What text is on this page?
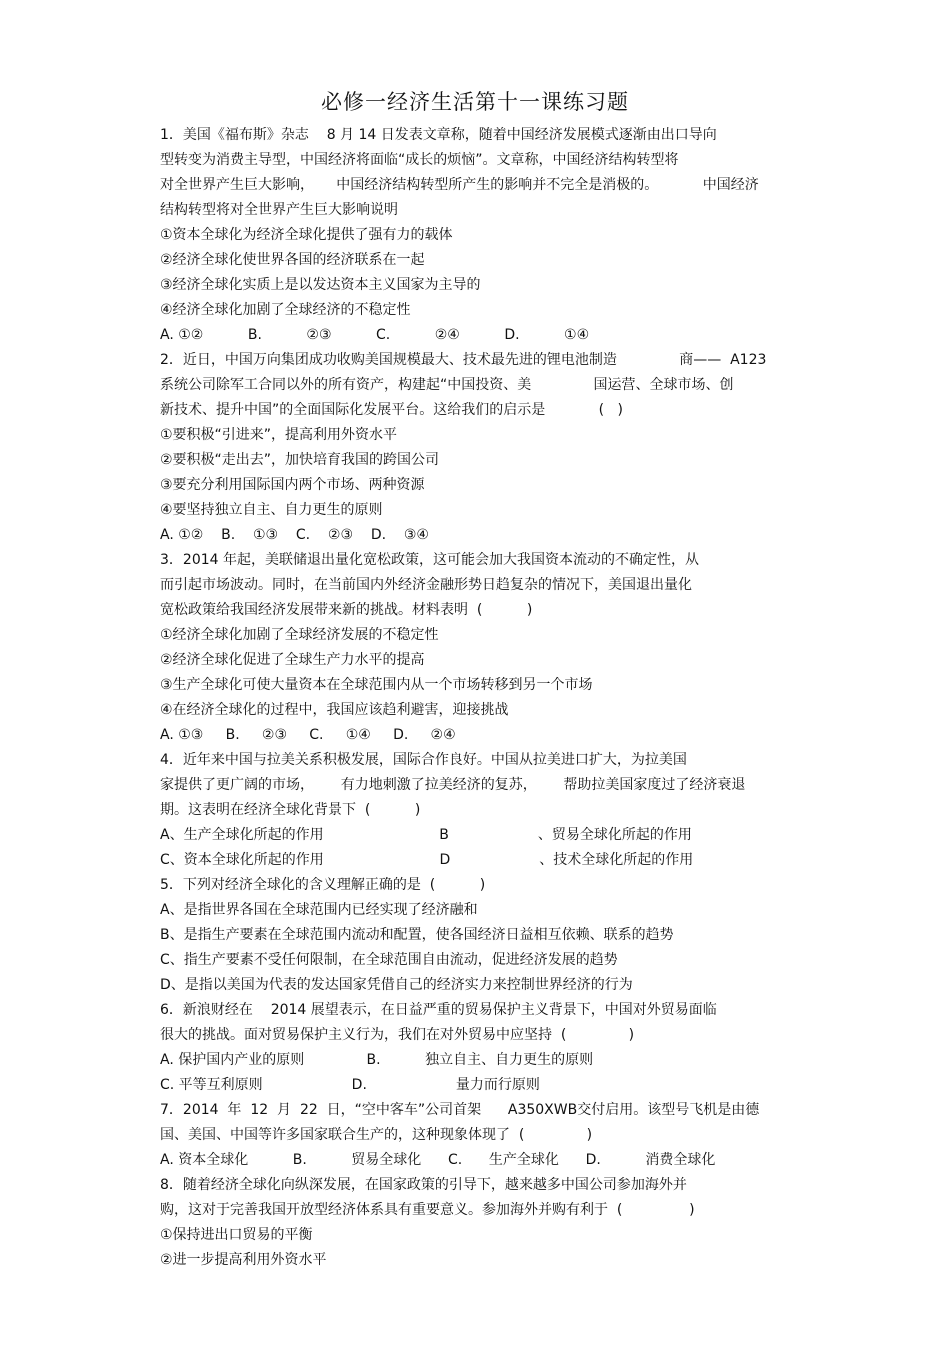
必修一经济生活第十一课练习题
1．美国《福布斯》杂志    8 月 14 日发表文章称，随着中国经济发展模式逐渐由出口导向
型转变为消费主导型，中国经济将面临“成长的烦恼”。文章称，中国经济结构转型将
对全世界产生巨大影响，     中国经济结构转型所产生的影响并不完全是消极的。          中国经济
结构转型将对全世界产生巨大影响说明
①资本全球化为经济全球化提供了强有力的载体
②经济全球化使世界各国的经济联系在一起
③经济全球化实质上是以发达资本主义国家为主导的
④经济全球化加剧了全球经济的不稳定性
A. ①②          B.          ②③          C.          ②④          D.          ①④
2．近日，中国万向集团成功收购美国规模最大、技术最先进的锂电池制造              商——  A123
系统公司除军工合同以外的所有资产，构建起“中国投资、美              国运营、全球市场、创
新技术、提升中国”的全面国际化发展平台。这给我们的启示是            (   )
①要积极“引进来”，提高利用外资水平
②要积极“走出去”，加快培育我国的跨国公司
③要充分利用国际国内两个市场、两种资源
④要坚持独立自主、自力更生的原则
A. ①②    B.    ①③    C.    ②③    D.    ③④
3．2014 年起，美联储退出量化宽松政策，这可能会加大我国资本流动的不确定性，从
而引起市场波动。同时，在当前国内外经济金融形势日趋复杂的情况下，美国退出量化
宽松政策给我国经济发展带来新的挑战。材料表明  (          )
①经济全球化加剧了全球经济发展的不稳定性
②经济全球化促进了全球生产力水平的提高
③生产全球化可使大量资本在全球范围内从一个市场转移到另一个市场
④在经济全球化的过程中，我国应该趋利避害，迎接挑战
A. ①③     B.     ②③     C.     ①④     D.     ②④
4．近年来中国与拉美关系积极发展，国际合作良好。中国从拉美进口扩大，为拉美国
家提供了更广阔的市场，      有力地刺激了拉美经济的复苏，      帮助拉美国家度过了经济衰退
期。这表明在经济全球化背景下  (          )
A、生产全球化所起的作用                          B                    、贸易全球化所起的作用
C、资本全球化所起的作用                          D                    、技术全球化所起的作用
5．下列对经济全球化的含义理解正确的是  (          )
A、是指世界各国在全球范围内已经实现了经济融和
B、是指生产要素在全球范围内流动和配置，使各国经济日益相互依赖、联系的趋势
C、指生产要素不受任何限制，在全球范围自由流动，促进经济发展的趋势
D、是指以美国为代表的发达国家凭借自己的经济实力来控制世界经济的行为
6．新浪财经在    2014 展望表示，在日益严重的贸易保护主义背景下，中国对外贸易面临
很大的挑战。面对贸易保护主义行为，我们在对外贸易中应坚持  (              )
A. 保护国内产业的原则              B.          独立自主、自力更生的原则
C. 平等互利原则                    D.                    量力而行原则
7．2014  年  12  月  22  日，“空中客车”公司首架      A350XWB交付启用。该型号飞机是由德
国、美国、中国等许多国家联合生产的，这种现象体现了  (              )
A. 资本全球化          B.          贸易全球化      C.      生产全球化      D.          消费全球化
8．随着经济全球化向纵深发展，在国家政策的引导下，越来越多中国公司参加海外并
购，这对于完善我国开放型经济体系具有重要意义。参加海外并购有利于  (               )
①保持进出口贸易的平衡
②进一步提高利用外资水平
